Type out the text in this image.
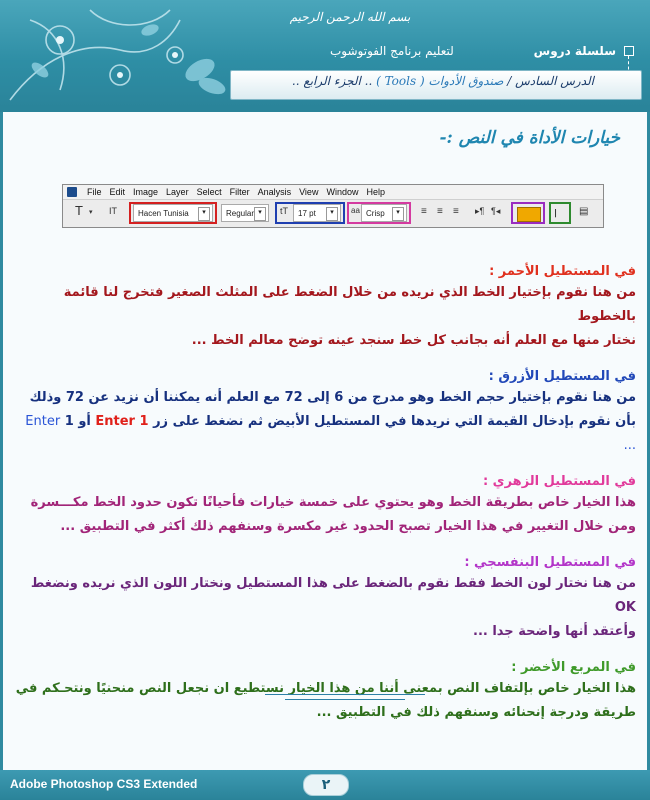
بسم الله الرحمن الرحيم
سلسلة دروس
لتعليم برنامج الفوتوشوب
الدرس السادس / صندوق الأدوات ( Tools ) .. الجزء الرابع ..
خيارات الأداة في النص :-
File Edit Image Layer Select Filter Analysis View Window Help
T ▾ IT	Hacen Tunisia	▾	Regular ▾	tT 17 pt	▾	aa Crisp	▾	≡ ≡ ≡ ▸¶ ¶◂	ꞁ ▤
في المستطيل الأحمر :
من هنا نقوم بإختيار الخط الذي نريده من خلال الضغط على المثلث الصغير فتخرج لنا قائمة بالخطوط
نختار منها مع العلم أنه بجانب كل خط سنجد عينه توضح معالم الخط ...
في المستطيل الأزرق :
من هنا نقوم بإختيار حجم الخط وهو مدرج من 6 إلى 72 مع العلم أنه يمكننا أن نزيد عن 72 وذلك
بأن نقوم بإدخال القيمة التي نريدها في المستطيل الأبيض ثم نضغط على زر Enter 1 أو 1 Enter ...
في المستطيل الزهري :
هذا الخيار خاص بطريقة الخط وهو يحتوي على خمسة خيارات فأحيانًا تكون حدود الخط مكـــسرة
ومن خلال التغيير في هذا الخيار تصبح الحدود غير مكسرة وسنفهم ذلك أكثر في التطبيق ...
في المستطيل البنفسجي :
من هنا نختار لون الخط فقط نقوم بالضغط على هذا المستطيل ونختار اللون الذي نريده ونضغط OK
وأعتقد أنها واضحة جدا ...
في المربع الأخضر :
هذا الخيار خاص بإلتفاف النص بمعنى أننا من هذا الخيار نستطيع ان نجعل النص منحنيًا ونتحـكم في
طريقة ودرجة إنحنائه وسنفهم ذلك في التطبيق ...
Adobe Photoshop CS3 Extended	٢
